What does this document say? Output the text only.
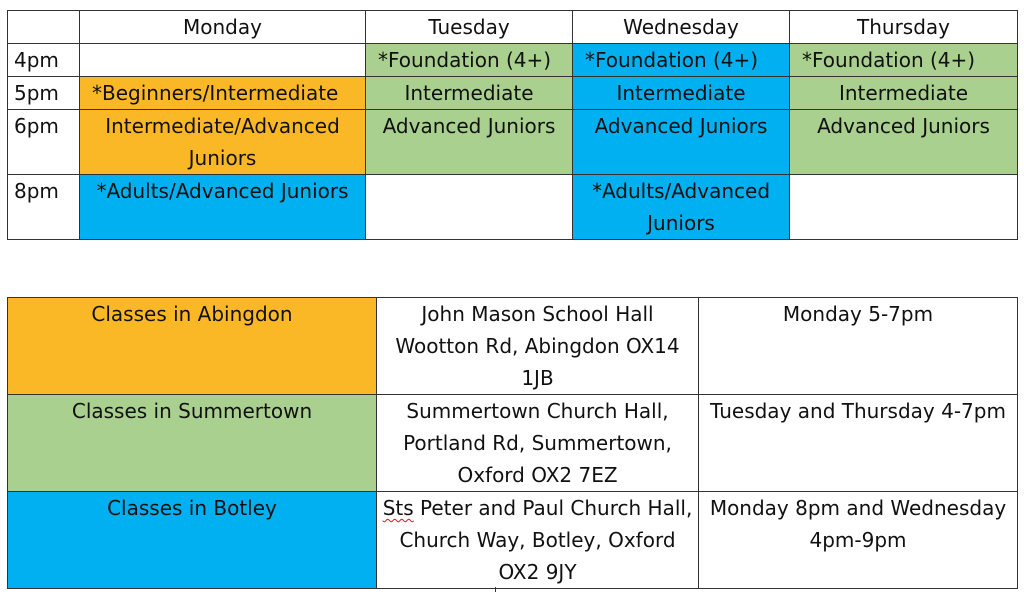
	Monday	Tuesday	Wednesday	Thursday
4pm		*Foundation (4+)	*Foundation (4+)	*Foundation (4+)
5pm	*Beginners/Intermediate	Intermediate	Intermediate	Intermediate
6pm	Intermediate/Advanced Juniors	Advanced Juniors	Advanced Juniors	Advanced Juniors
8pm	*Adults/Advanced Juniors		*Adults/Advanced Juniors	
Classes in Abingdon	John Mason School Hall Wootton Rd, Abingdon OX14 1JB	Monday 5-7pm
Classes in Summertown	Summertown Church Hall, Portland Rd, Summertown, Oxford OX2 7EZ	Tuesday and Thursday 4-7pm
Classes in Botley	Sts Peter and Paul Church Hall, Church Way, Botley, Oxford OX2 9JY	Monday 8pm and Wednesday 4pm-9pm
